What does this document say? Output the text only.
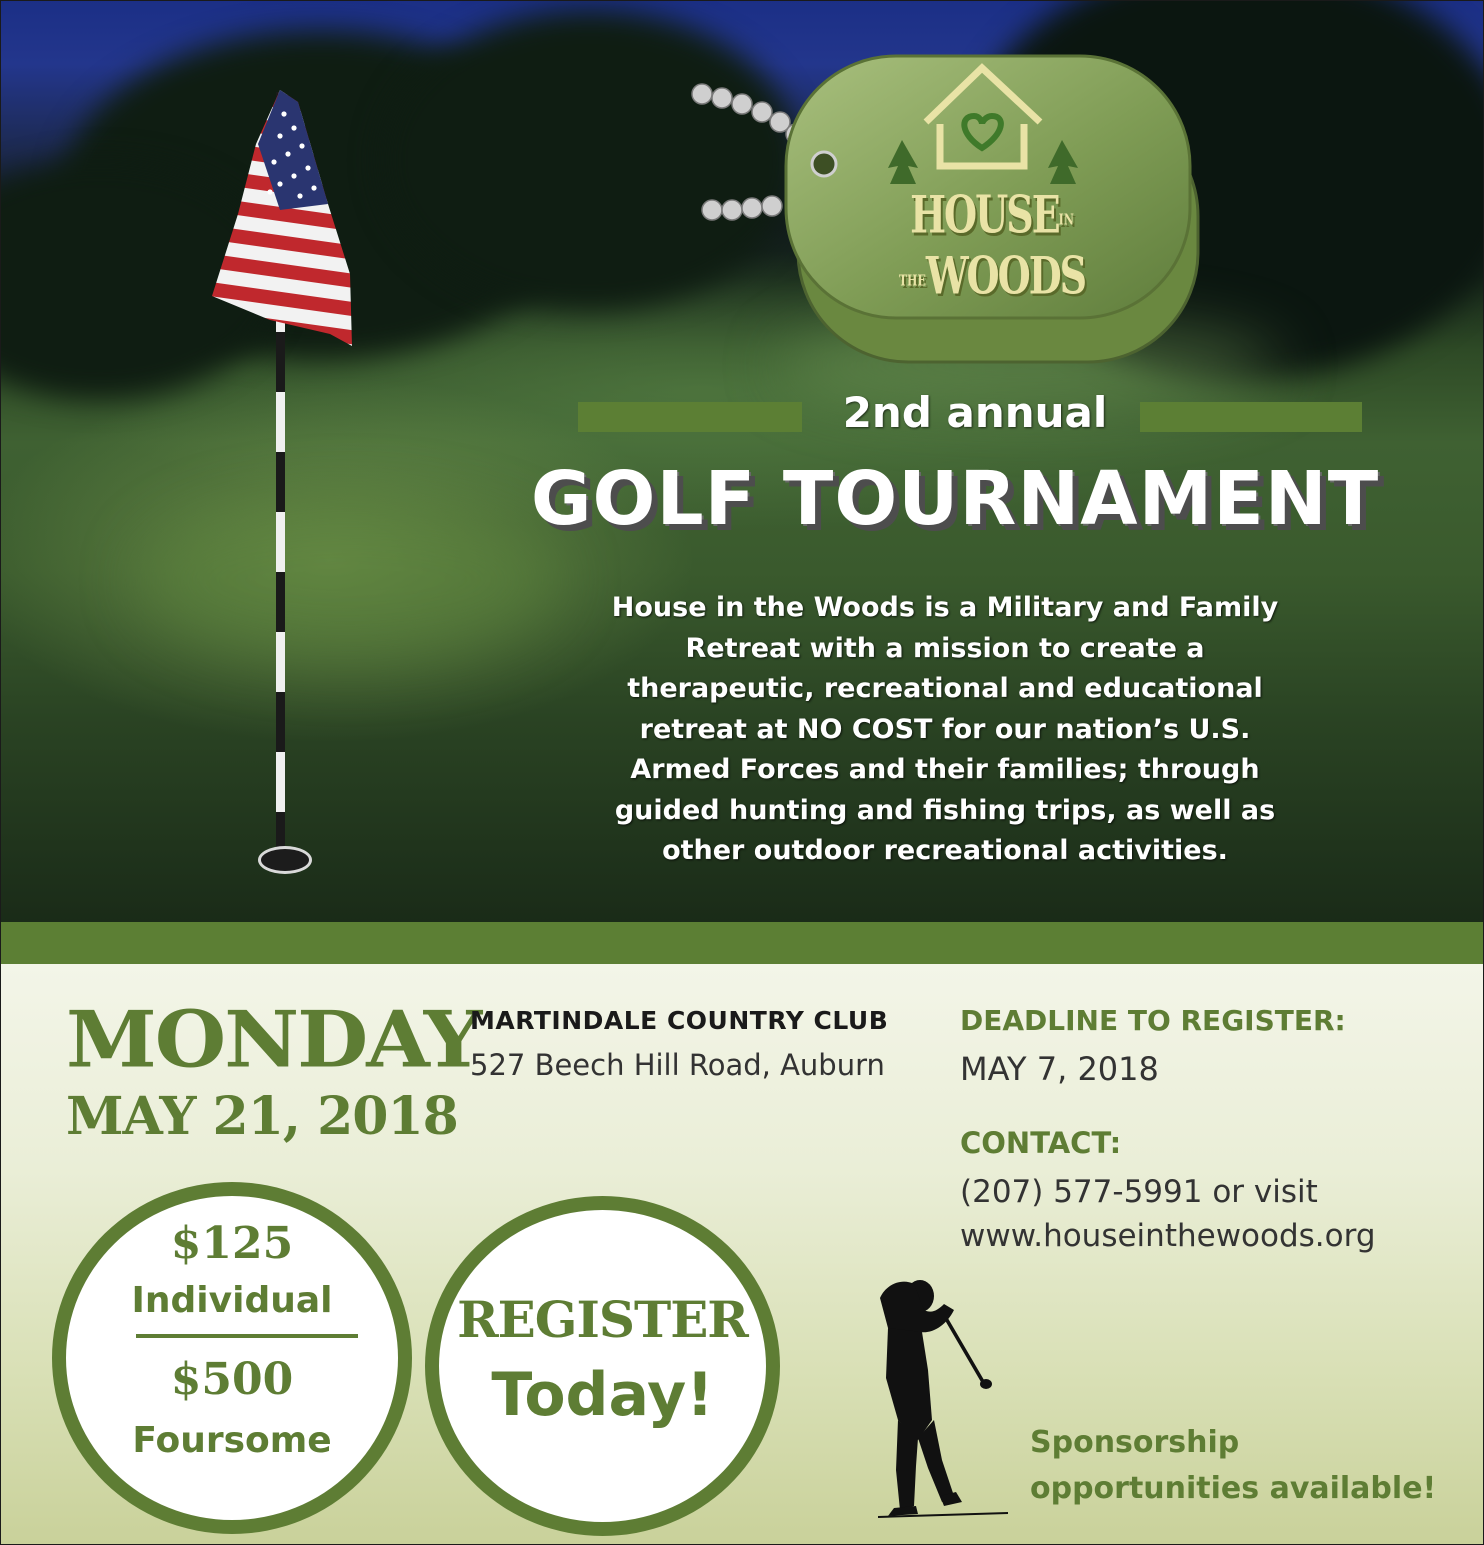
HOUSEIN THEWOODS
2nd annual
GOLF TOURNAMENT
House in the Woods is a Military and Family
Retreat with a mission to create a
therapeutic, recreational and educational
retreat at NO COST for our nation’s U.S.
Armed Forces and their families; through
guided hunting and fishing trips, as well as
other outdoor recreational activities.
MONDAY
MAY 21, 2018
MARTINDALE COUNTRY CLUB
527 Beech Hill Road, Auburn
DEADLINE TO REGISTER:
MAY 7, 2018
CONTACT:
(207) 577-5991 or visit
www.houseinthewoods.org
$125
Individual
$500
Foursome
REGISTER
Today!
Sponsorship
opportunities available!
